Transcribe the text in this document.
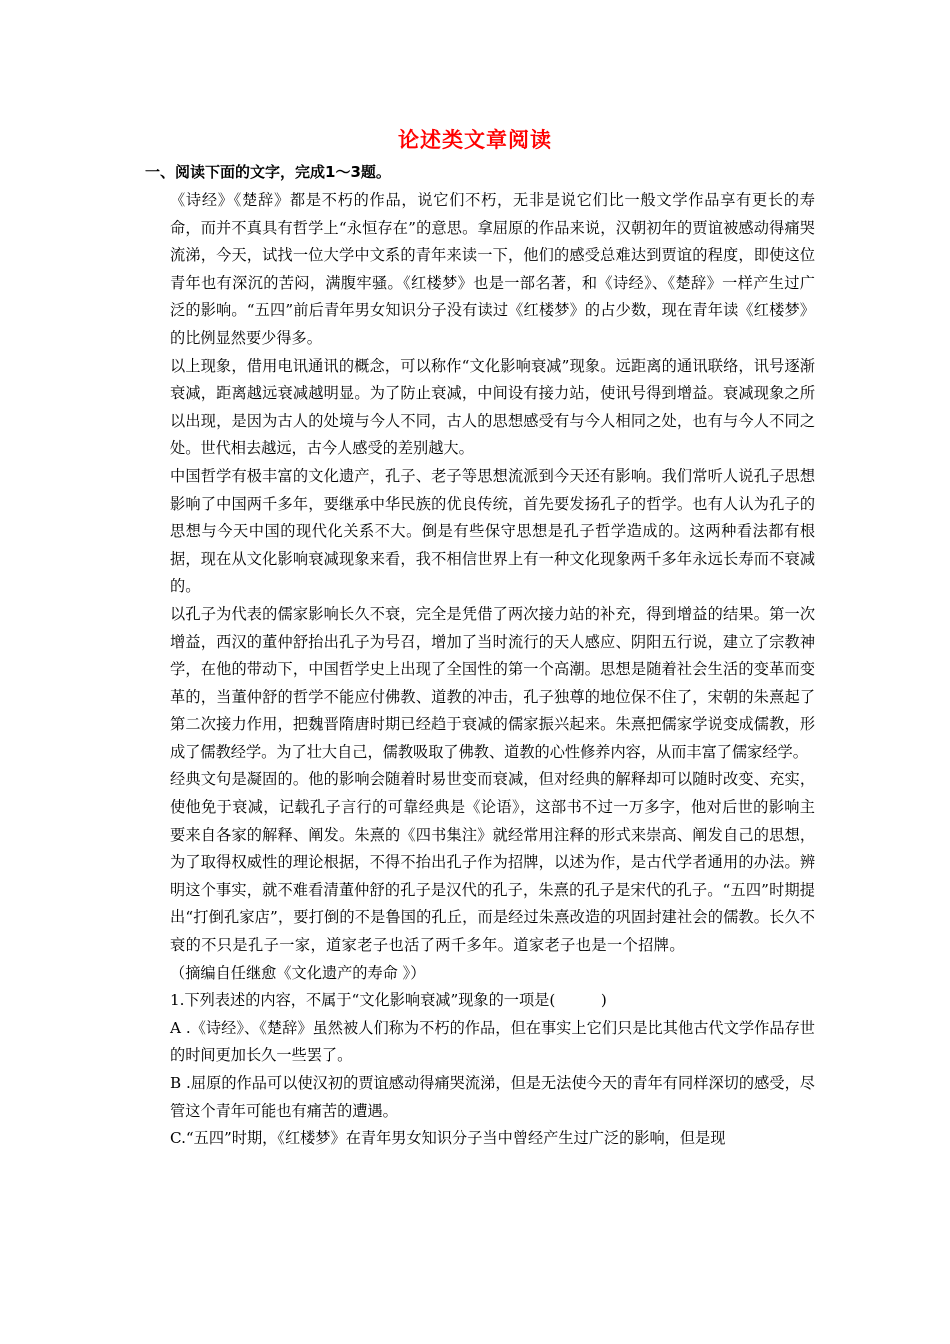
论述类文章阅读
一、阅读下面的文字，完成1～3题。

《诗经》《楚辞》都是不朽的作品，说它们不朽，无非是说它们比一般文学作品享有更长的寿命，而并不真具有哲学上“永恒存在”的意思。拿屈原的作品来说，汉朝初年的贾谊被感动得痛哭流涕，今天，试找一位大学中文系的青年来读一下，他们的感受总难达到贾谊的程度，即使这位青年也有深沉的苦闷，满腹牢骚。《红楼梦》也是一部名著，和《诗经》、《楚辞》一样产生过广泛的影响。“五四”前后青年男女知识分子没有读过《红楼梦》的占少数，现在青年读《红楼梦》的比例显然要少得多。

以上现象，借用电讯通讯的概念，可以称作“文化影响衰减”现象。远距离的通讯联络，讯号逐渐衰减，距离越远衰减越明显。为了防止衰减，中间设有接力站，使讯号得到增益。衰减现象之所以出现，是因为古人的处境与今人不同，古人的思想感受有与今人相同之处，也有与今人不同之处。世代相去越远，古今人感受的差别越大。

中国哲学有极丰富的文化遗产，孔子、老子等思想流派到今天还有影响。我们常听人说孔子思想影响了中国两千多年，要继承中华民族的优良传统，首先要发扬孔子的哲学。也有人认为孔子的思想与今天中国的现代化关系不大。倒是有些保守思想是孔子哲学造成的。这两种看法都有根据，现在从文化影响衰减现象来看，我不相信世界上有一种文化现象两千多年永远长寿而不衰减的。

以孔子为代表的儒家影响长久不衰，完全是凭借了两次接力站的补充，得到增益的结果。第一次增益，西汉的董仲舒抬出孔子为号召，增加了当时流行的天人感应、阴阳五行说，建立了宗教神学，在他的带动下，中国哲学史上出现了全国性的第一个高潮。思想是随着社会生活的变革而变革的，当董仲舒的哲学不能应付佛教、道教的冲击，孔子独尊的地位保不住了，宋朝的朱熹起了第二次接力作用，把魏晋隋唐时期已经趋于衰减的儒家振兴起来。朱熹把儒家学说变成儒教，形成了儒教经学。为了壮大自己，儒教吸取了佛教、道教的心性修养内容，从而丰富了儒家经学。

经典文句是凝固的。他的影响会随着时易世变而衰减，但对经典的解释却可以随时改变、充实，使他免于衰减，记载孔子言行的可靠经典是《论语》，这部书不过一万多字，他对后世的影响主要来自各家的解释、阐发。朱熹的《四书集注》就经常用注释的形式来崇高、阐发自己的思想，为了取得权威性的理论根据，不得不抬出孔子作为招牌，以述为作，是古代学者通用的办法。辨明这个事实，就不难看清董仲舒的孔子是汉代的孔子，朱熹的孔子是宋代的孔子。“五四”时期提出“打倒孔家店”，要打倒的不是鲁国的孔丘，而是经过朱熹改造的巩固封建社会的儒教。长久不衰的不只是孔子一家，道家老子也活了两千多年。道家老子也是一个招牌。（摘编自任继愈《文化遗产的寿命 》）

1.下列表述的内容，不属于“文化影响衰减”现象的一项是(　　　)

A .《诗经》、《楚辞》虽然被人们称为不朽的作品，但在事实上它们只是比其他古代文学作品存世的时间更加长久一些罢了。

B .屈原的作品可以使汉初的贾谊感动得痛哭流涕，但是无法使今天的青年有同样深切的感受，尽管这个青年可能也有痛苦的遭遇。

C.“五四”时期，《红楼梦》在青年男女知识分子当中曾经产生过广泛的影响，但是现
